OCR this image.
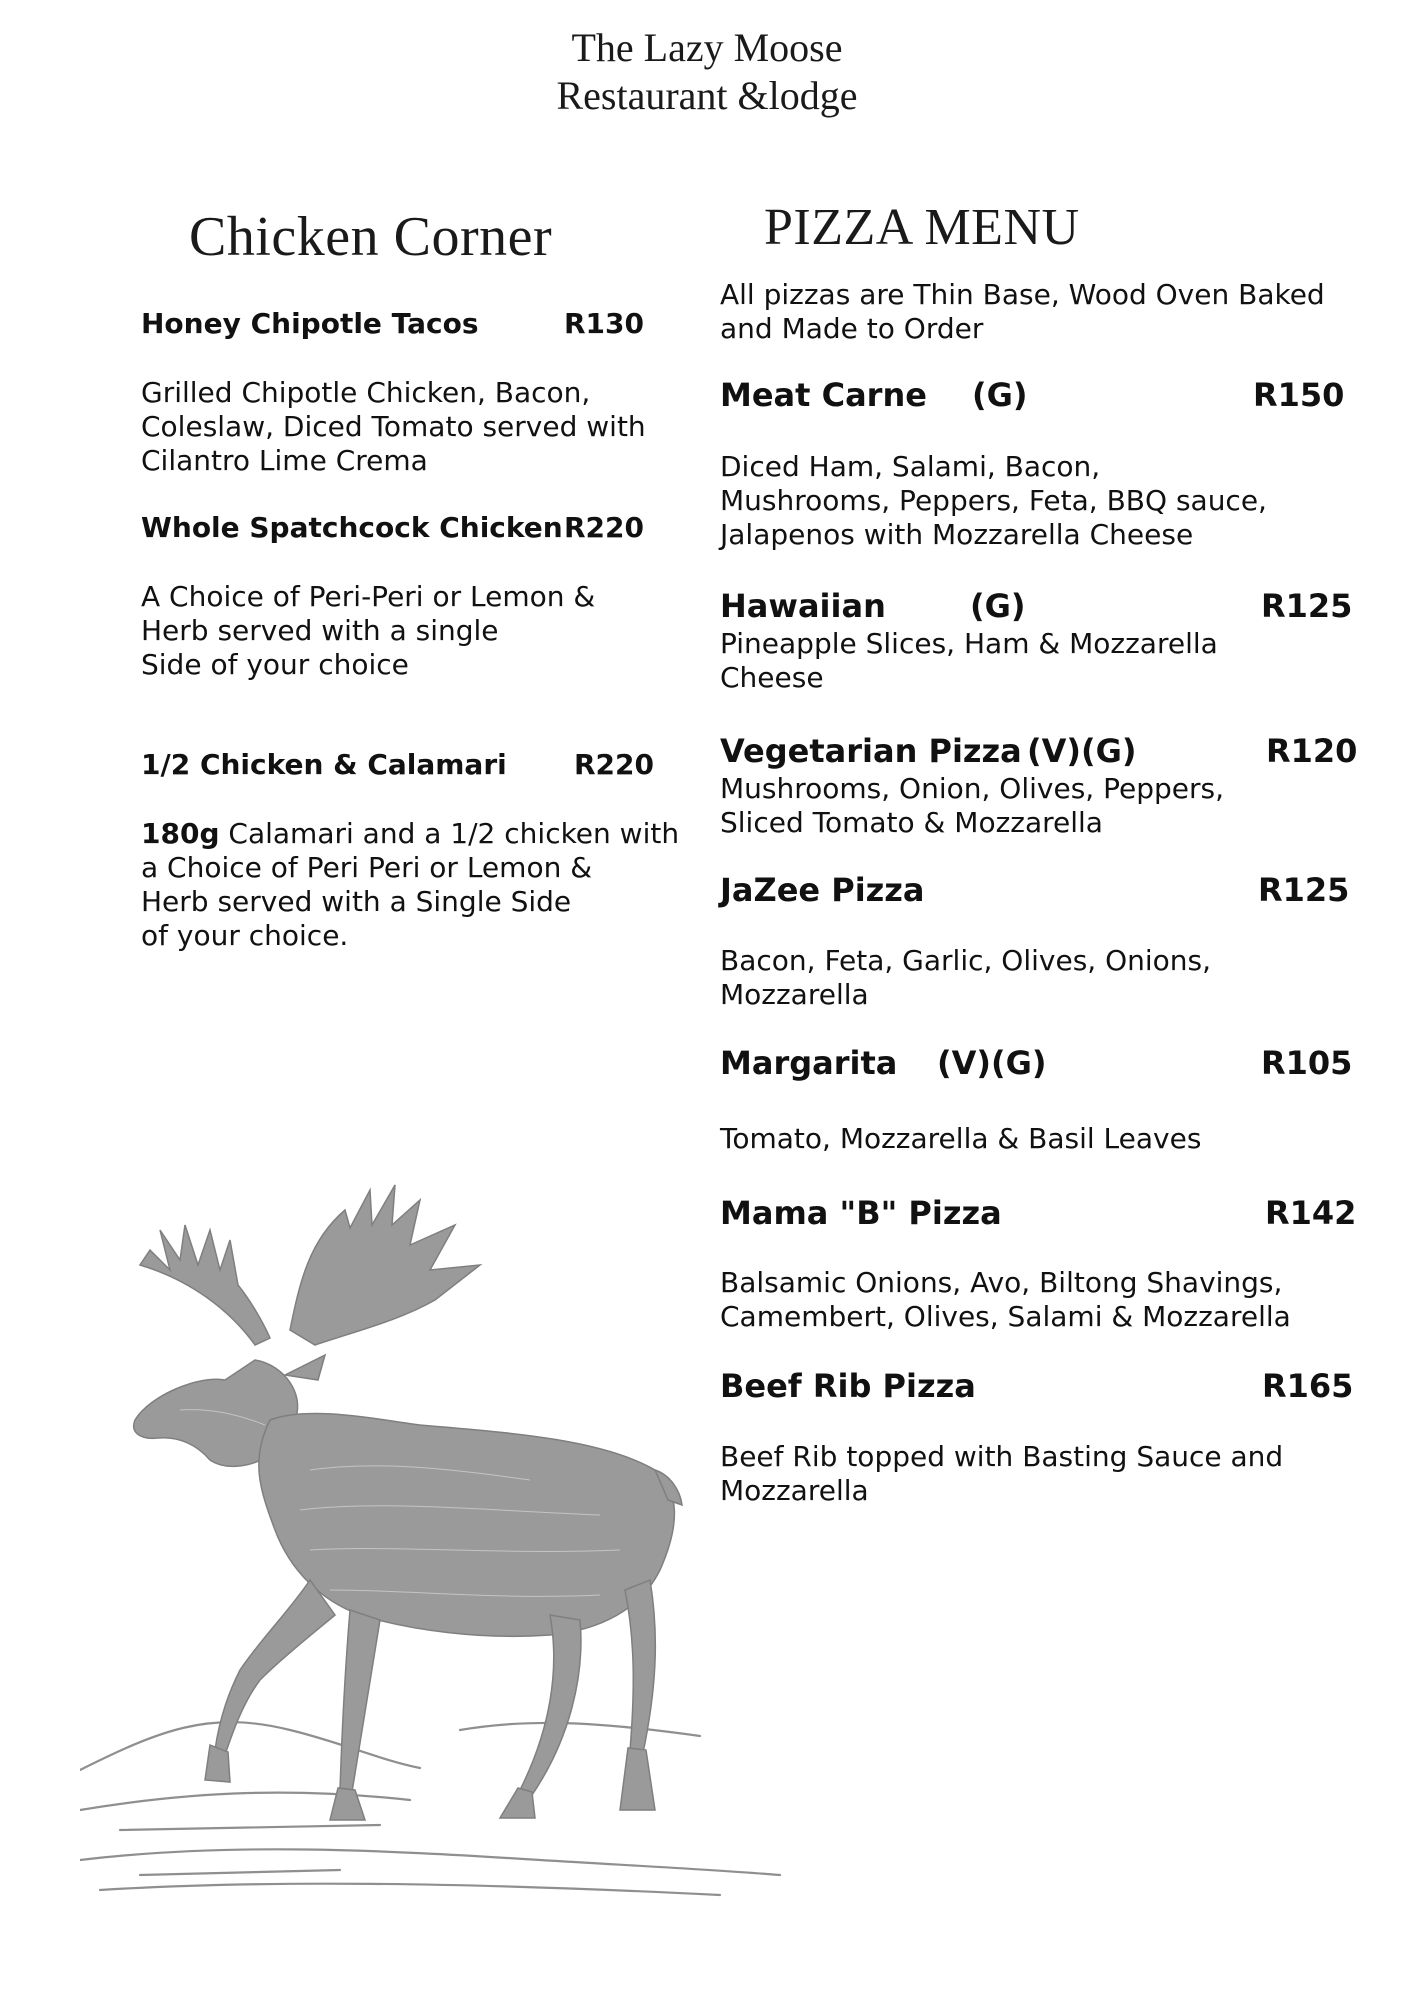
The Lazy Moose
Restaurant &lodge
Chicken Corner
Honey Chipotle Tacos	R130
Grilled Chipotle Chicken, Bacon,
Coleslaw, Diced Tomato served with
Cilantro Lime Crema
Whole Spatchcock Chicken R220
A Choice of Peri-Peri or Lemon &
Herb served with a single
Side of your choice
1/2 Chicken & Calamari R220
180g Calamari and a 1/2 chicken with
a Choice of Peri Peri or Lemon &
Herb served with a Single Side
of your choice.
PIZZA MENU
All pizzas are Thin Base, Wood Oven Baked
and Made to Order
Meat Carne (G)	R150
Diced Ham, Salami, Bacon,
Mushrooms, Peppers, Feta, BBQ sauce,
Jalapenos with Mozzarella Cheese
Hawaiian	(G)	R125
Pineapple Slices, Ham & Mozzarella
Cheese
Vegetarian Pizza (V)(G)	R120
Mushrooms, Onion, Olives, Peppers,
Sliced Tomato & Mozzarella
JaZee Pizza	R125
Bacon, Feta, Garlic, Olives, Onions,
Mozzarella
Margarita (V)(G)	R105
Tomato, Mozzarella & Basil Leaves
Mama "B" Pizza	R142
Balsamic Onions, Avo, Biltong Shavings,
Camembert, Olives, Salami & Mozzarella
Beef Rib Pizza	R165
Beef Rib topped with Basting Sauce and
Mozzarella
